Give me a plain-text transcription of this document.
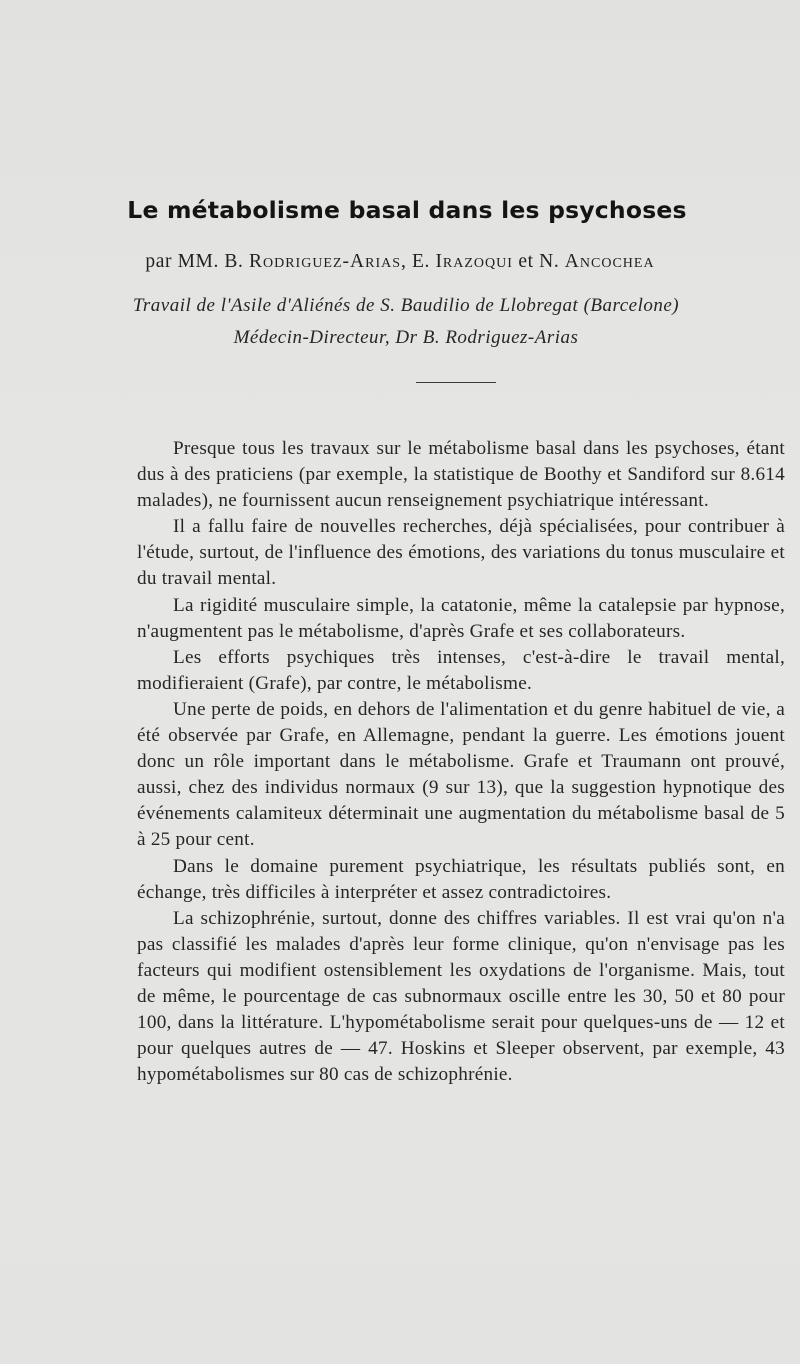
Le métabolisme basal dans les psychoses
par MM. B. Rodriguez-Arias, E. Irazoqui et N. Ancochea
Travail de l'Asile d'Aliénés de S. Baudilio de Llobregat (Barcelone)
Médecin-Directeur, Dr B. Rodriguez-Arias

Presque tous les travaux sur le métabolisme basal dans les psychoses, étant dus à des praticiens (par exemple, la statistique de Boothy et Sandiford sur 8.614 malades), ne fournissent aucun renseignement psychiatrique intéressant.

Il a fallu faire de nouvelles recherches, déjà spécialisées, pour contribuer à l'étude, surtout, de l'influence des émotions, des variations du tonus musculaire et du travail mental.

La rigidité musculaire simple, la catatonie, même la catalepsie par hypnose, n'augmentent pas le métabolisme, d'après Grafe et ses collaborateurs.

Les efforts psychiques très intenses, c'est-à-dire le travail mental, modifieraient (Grafe), par contre, le métabolisme.

Une perte de poids, en dehors de l'alimentation et du genre habituel de vie, a été observée par Grafe, en Allemagne, pendant la guerre. Les émotions jouent donc un rôle important dans le métabolisme. Grafe et Traumann ont prouvé, aussi, chez des individus normaux (9 sur 13), que la suggestion hypnotique des événements calamiteux déterminait une augmentation du métabolisme basal de 5 à 25 pour cent.

Dans le domaine purement psychiatrique, les résultats publiés sont, en échange, très difficiles à interpréter et assez contradictoires.

La schizophrénie, surtout, donne des chiffres variables. Il est vrai qu'on n'a pas classifié les malades d'après leur forme clinique, qu'on n'envisage pas les facteurs qui modifient ostensiblement les oxydations de l'organisme. Mais, tout de même, le pourcentage de cas subnormaux oscille entre les 30, 50 et 80 pour 100, dans la littérature. L'hypométabolisme serait pour quelques-uns de — 12 et pour quelques autres de — 47. Hoskins et Sleeper observent, par exemple, 43 hypométabolismes sur 80 cas de schizophrénie.
